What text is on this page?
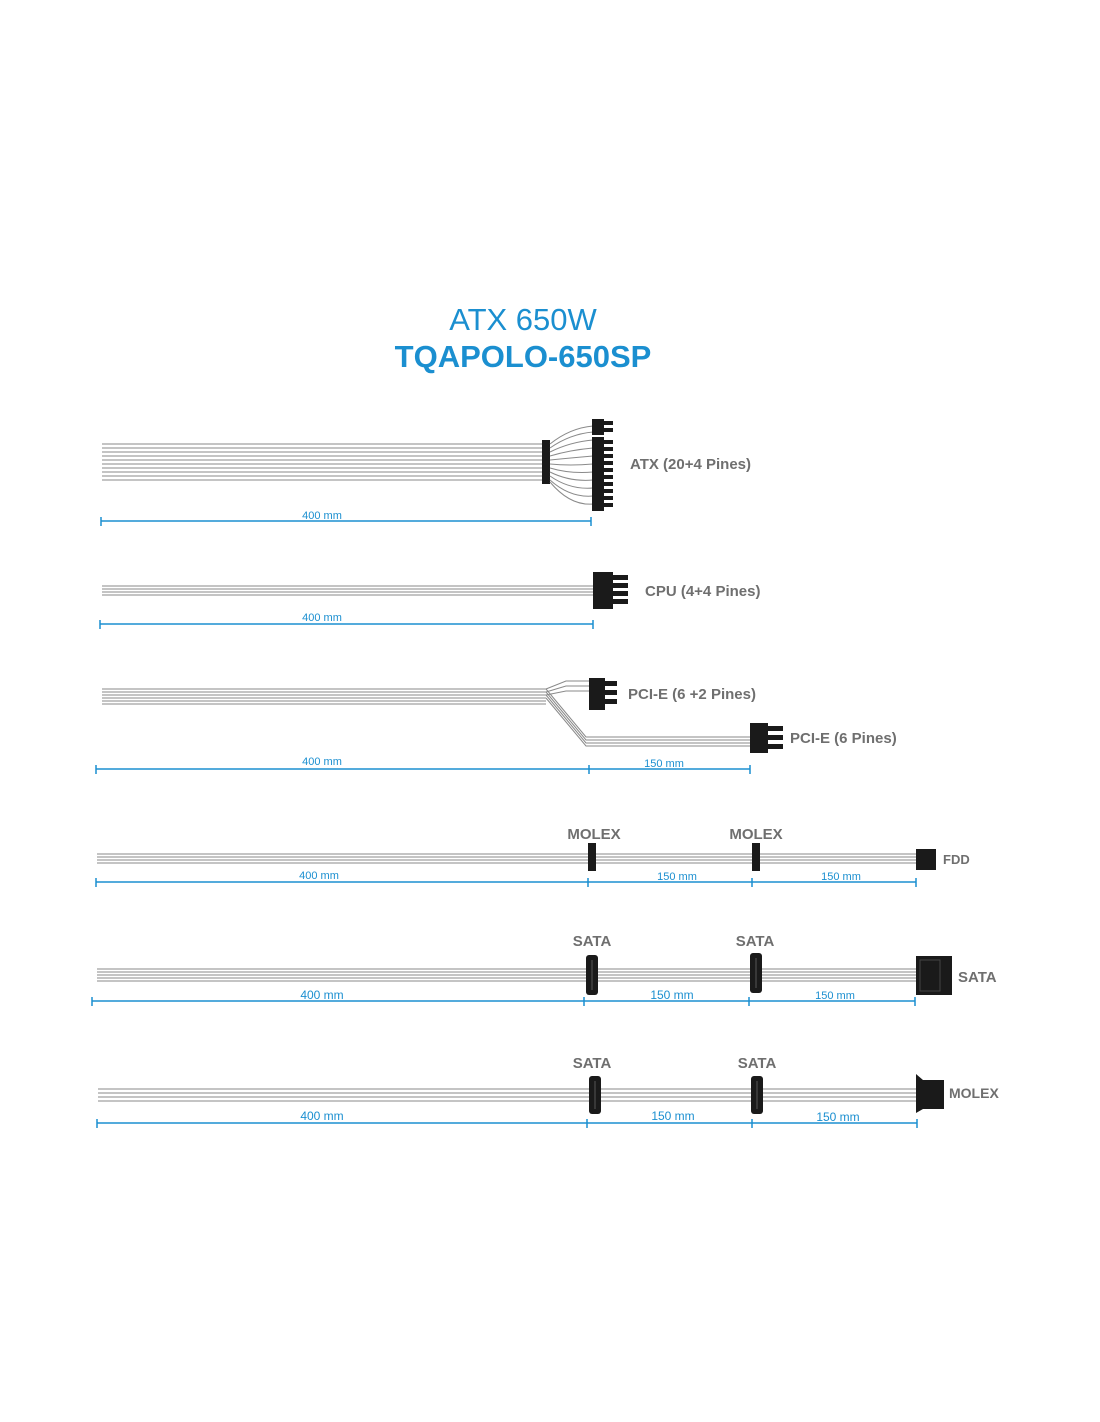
ATX 650W
TQAPOLO-650SP
ATX (20+4 Pines)
400 mm
CPU (4+4 Pines)
400 mm
PCI-E (6 +2 Pines)
PCI-E (6 Pines)
400 mm	150 mm
MOLEX	MOLEX
FDD
400 mm	150 mm	150 mm
SATA	SATA
SATA
400 mm	150 mm	150 mm
SATA	SATA
MOLEX
400 mm	150 mm	150 mm
